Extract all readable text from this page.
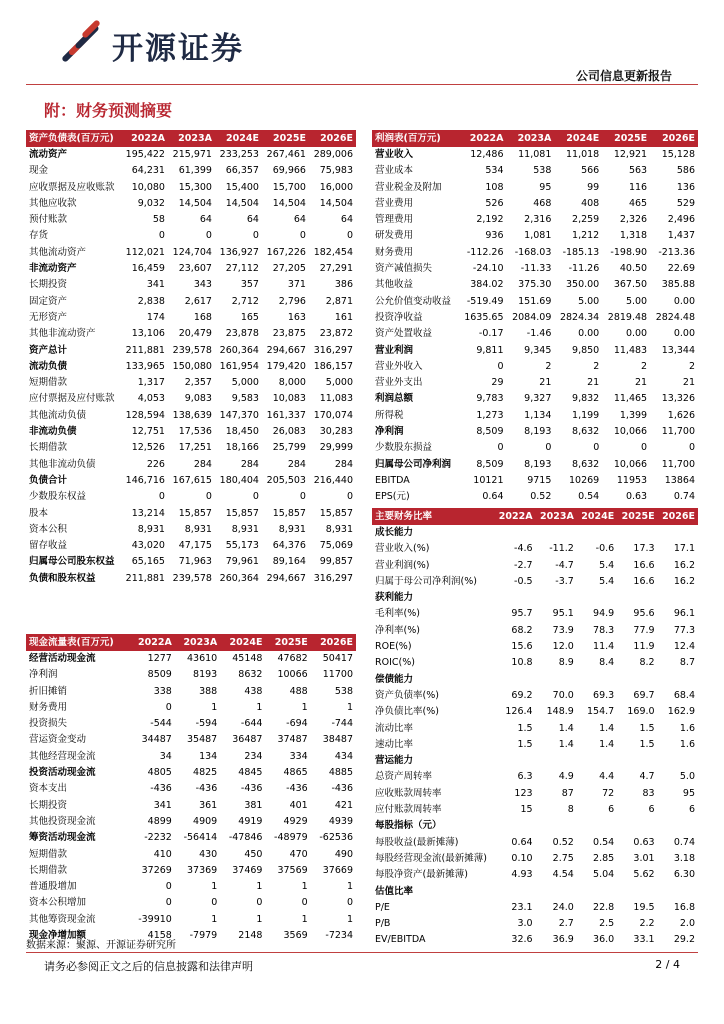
开源证券
公司信息更新报告
附：财务预测摘要
资产负债表(百万元)	2022A	2023A	2024E	2025E	2026E
流动资产	195,422	215,971	233,253	267,461	289,006
现金	64,231	61,399	66,357	69,966	75,983
应收票据及应收账款	10,080	15,300	15,400	15,700	16,000
其他应收款	9,032	14,504	14,504	14,504	14,504
预付账款	58	64	64	64	64
存货	0	0	0	0	0
其他流动资产	112,021	124,704	136,927	167,226	182,454
非流动资产	16,459	23,607	27,112	27,205	27,291
长期投资	341	343	357	371	386
固定资产	2,838	2,617	2,712	2,796	2,871
无形资产	174	168	165	163	161
其他非流动资产	13,106	20,479	23,878	23,875	23,872
资产总计	211,881	239,578	260,364	294,667	316,297
流动负债	133,965	150,080	161,954	179,420	186,157
短期借款	1,317	2,357	5,000	8,000	5,000
应付票据及应付账款	4,053	9,083	9,583	10,083	11,083
其他流动负债	128,594	138,639	147,370	161,337	170,074
非流动负债	12,751	17,536	18,450	26,083	30,283
长期借款	12,526	17,251	18,166	25,799	29,999
其他非流动负债	226	284	284	284	284
负债合计	146,716	167,615	180,404	205,503	216,440
少数股东权益	0	0	0	0	0
股本	13,214	15,857	15,857	15,857	15,857
资本公积	8,931	8,931	8,931	8,931	8,931
留存收益	43,020	47,175	55,173	64,376	75,069
归属母公司股东权益	65,165	71,963	79,961	89,164	99,857
负债和股东权益	211,881	239,578	260,364	294,667	316,297
利润表(百万元)	2022A	2023A	2024E	2025E	2026E
营业收入	12,486	11,081	11,018	12,921	15,128
营业成本	534	538	566	563	586
营业税金及附加	108	95	99	116	136
营业费用	526	468	408	465	529
管理费用	2,192	2,316	2,259	2,326	2,496
研发费用	936	1,081	1,212	1,318	1,437
财务费用	-112.26	-168.03	-185.13	-198.90	-213.36
资产减值损失	-24.10	-11.33	-11.26	40.50	22.69
其他收益	384.02	375.30	350.00	367.50	385.88
公允价值变动收益	-519.49	151.69	5.00	5.00	0.00
投资净收益	1635.65	2084.09	2824.34	2819.48	2824.48
资产处置收益	-0.17	-1.46	0.00	0.00	0.00
营业利润	9,811	9,345	9,850	11,483	13,344
营业外收入	0	2	2	2	2
营业外支出	29	21	21	21	21
利润总额	9,783	9,327	9,832	11,465	13,326
所得税	1,273	1,134	1,199	1,399	1,626
净利润	8,509	8,193	8,632	10,066	11,700
少数股东损益	0	0	0	0	0
归属母公司净利润	8,509	8,193	8,632	10,066	11,700
EBITDA	10121	9715	10269	11953	13864
EPS(元)	0.64	0.52	0.54	0.63	0.74
主要财务比率	2022A	2023A	2024E	2025E	2026E
成长能力					
营业收入(%)	-4.6	-11.2	-0.6	17.3	17.1
营业利润(%)	-2.7	-4.7	5.4	16.6	16.2
归属于母公司净利润(%)	-0.5	-3.7	5.4	16.6	16.2
获利能力					
毛利率(%)	95.7	95.1	94.9	95.6	96.1
净利率(%)	68.2	73.9	78.3	77.9	77.3
ROE(%)	15.6	12.0	11.4	11.9	12.4
ROIC(%)	10.8	8.9	8.4	8.2	8.7
偿债能力					
资产负债率(%)	69.2	70.0	69.3	69.7	68.4
净负债比率(%)	126.4	148.9	154.7	169.0	162.9
流动比率	1.5	1.4	1.4	1.5	1.6
速动比率	1.5	1.4	1.4	1.5	1.6
营运能力					
总资产周转率	6.3	4.9	4.4	4.7	5.0
应收账款周转率	123	87	72	83	95
应付账款周转率	15	8	6	6	6
每股指标（元）					
每股收益(最新摊薄)	0.64	0.52	0.54	0.63	0.74
每股经营现金流(最新摊薄)	0.10	2.75	2.85	3.01	3.18
每股净资产(最新摊薄)	4.93	4.54	5.04	5.62	6.30
估值比率					
P/E	23.1	24.0	22.8	19.5	16.8
P/B	3.0	2.7	2.5	2.2	2.0
EV/EBITDA	32.6	36.9	36.0	33.1	29.2
现金流量表(百万元)	2022A	2023A	2024E	2025E	2026E
经营活动现金流	1277	43610	45148	47682	50417
净利润	8509	8193	8632	10066	11700
折旧摊销	338	388	438	488	538
财务费用	0	1	1	1	1
投资损失	-544	-594	-644	-694	-744
营运资金变动	34487	35487	36487	37487	38487
其他经营现金流	34	134	234	334	434
投资活动现金流	4805	4825	4845	4865	4885
资本支出	-436	-436	-436	-436	-436
长期投资	341	361	381	401	421
其他投资现金流	4899	4909	4919	4929	4939
筹资活动现金流	-2232	-56414	-47846	-48979	-62536
短期借款	410	430	450	470	490
长期借款	37269	37369	37469	37569	37669
普通股增加	0	1	1	1	1
资本公积增加	0	0	0	0	0
其他筹资现金流	-39910	1	1	1	1
现金净增加额	4158	-7979	2148	3569	-7234
数据来源：聚源、开源证券研究所
请务必参阅正文之后的信息披露和法律声明	2 / 4
